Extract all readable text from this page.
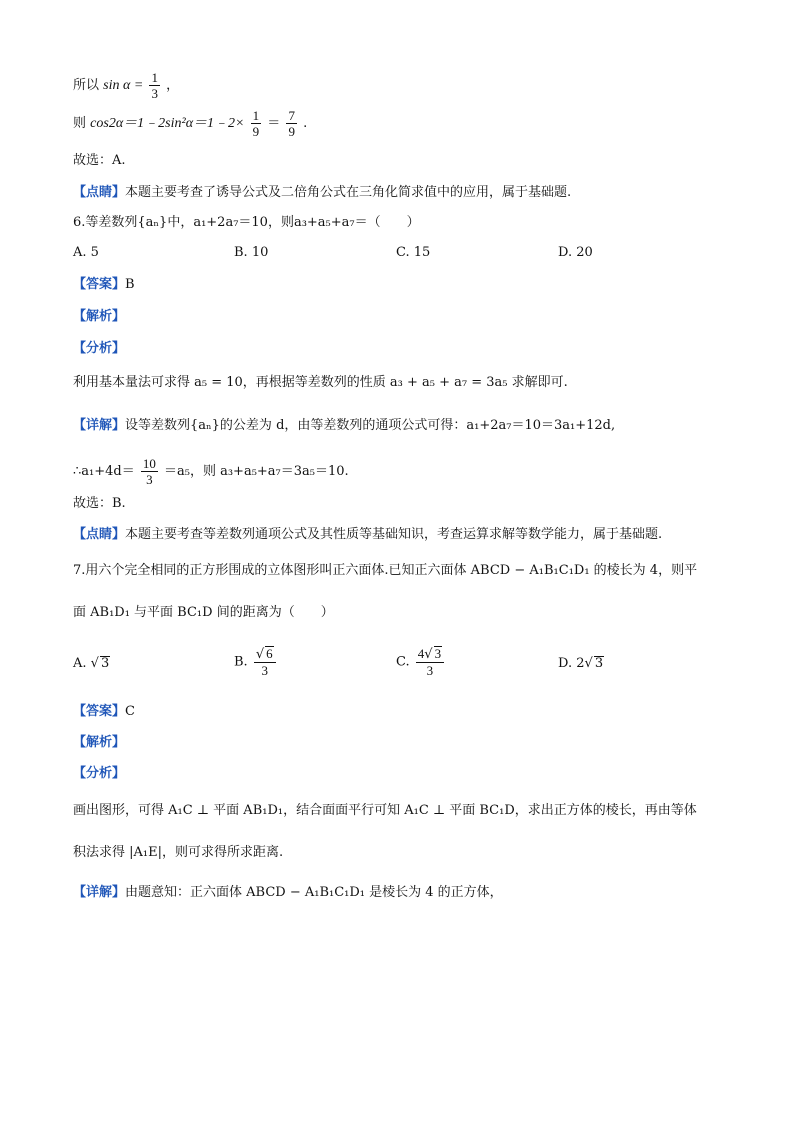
所以 $\sin \alpha = \frac{1}{3}$ ，
则 cos2α＝1﹣2sin²α＝1﹣2× $\frac{1}{9} = \frac{7}{9}$ .
故选：A.
【点睛】本题主要考查了诱导公式及二倍角公式在三角化简求值中的应用，属于基础题.
6.等差数列{aₙ}中，a₁+2a₇＝10，则a₃+a₅+a₇＝（　　）
A. 5	B. 10	C. 15	D. 20
【答案】B
【解析】
【分析】
利用基本量法可求得 a₅ = 10，再根据等差数列的性质 a₃ + a₅ + a₇ = 3a₅ 求解即可.
【详解】设等差数列{aₙ}的公差为 d，由等差数列的通项公式可得：a₁+2a₇＝10＝3a₁+12d,
∴a₁+4d＝ $\frac{10}{3} =a_5$，则 a₃+a₅+a₇＝3a₅＝10.
故选：B.
【点睛】本题主要考查等差数列通项公式及其性质等基础知识，考查运算求解等数学能力，属于基础题.
7.用六个完全相同的正方形围成的立体图形叫正六面体.已知正六面体 ABCD − A₁B₁C₁D₁ 的棱长为 4，则平
面 AB₁D₁ 与平面 BC₁D 间的距离为（　　）
A. √ 3	B. $\frac{√ 6}{3}$	C. $\frac{4√ 3}{3}$	D. 2√ 3
【答案】C
【解析】
【分析】
画出图形，可得 A₁C ⊥ 平面 AB₁D₁，结合面面平行可知 A₁C ⊥ 平面 BC₁D，求出正方体的棱长，再由等体
积法求得 |A₁E|，则可求得所求距离.
【详解】由题意知：正六面体 ABCD − A₁B₁C₁D₁ 是棱长为 4 的正方体，
